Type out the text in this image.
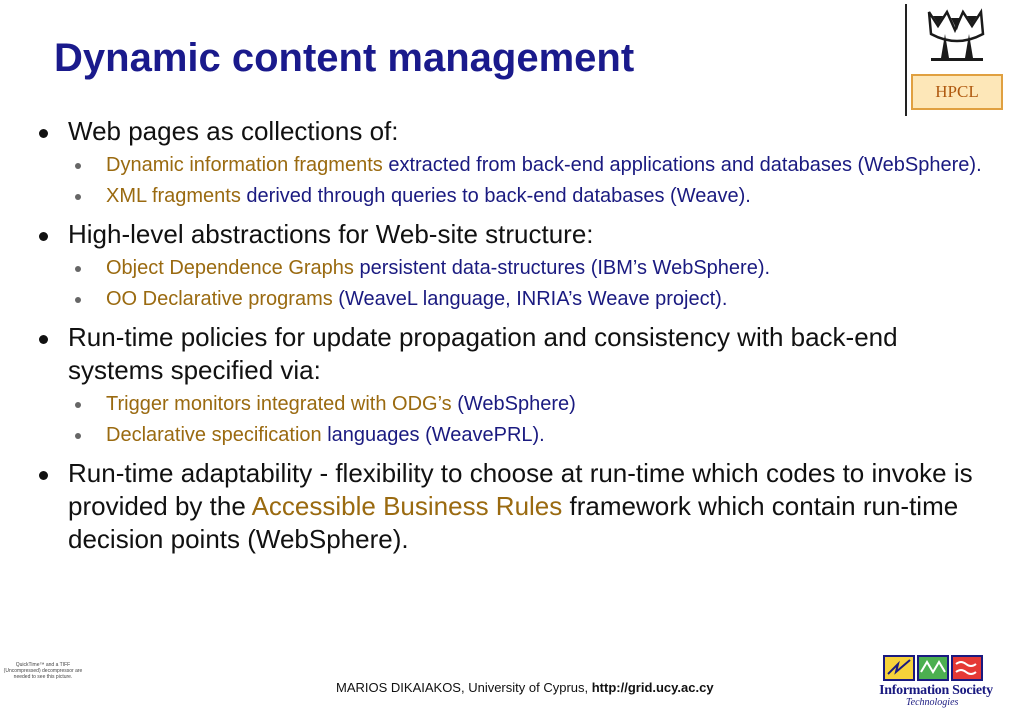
Dynamic content management
HPCL
Web pages as collections of:
Dynamic information fragments extracted from back-end applications and databases (WebSphere).
XML fragments derived through queries to back-end databases (Weave).
High-level abstractions for Web-site structure:
Object Dependence Graphs persistent data-structures (IBM’s WebSphere).
OO Declarative programs (WeaveL language, INRIA’s Weave project).
Run-time policies for update propagation and consistency with back-end systems specified via:
Trigger monitors integrated with ODG’s (WebSphere)
Declarative specification languages (WeavePRL).
Run-time adaptability - flexibility to choose at run-time which codes to invoke is provided by the Accessible Business Rules framework which contain run-time decision points (WebSphere).
QuickTime™ and a TIFF (Uncompressed) decompressor are needed to see this picture.
MARIOS DIKAIAKOS, University of Cyprus, http://grid.ucy.ac.cy	Information Society
Technologies
